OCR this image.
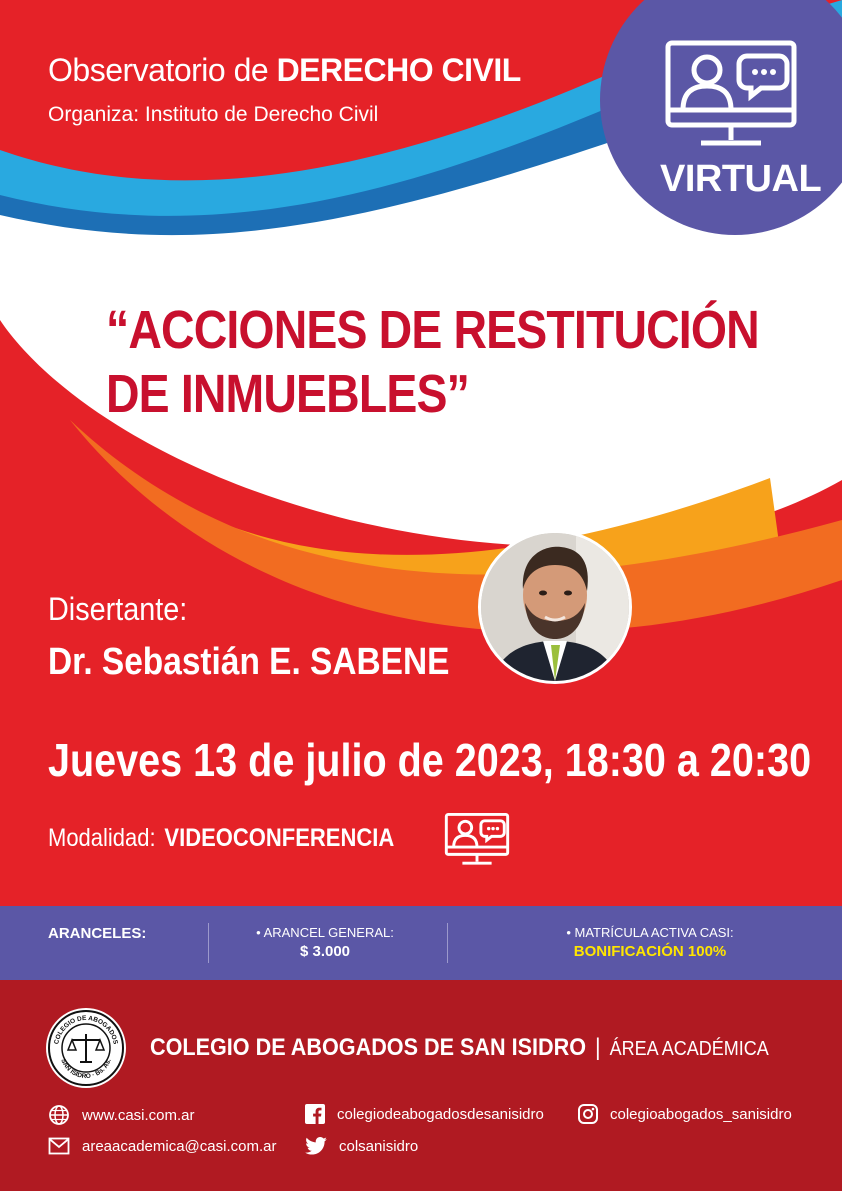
Observatorio de DERECHO CIVIL
Organiza: Instituto de Derecho Civil
VIRTUAL
“ACCIONES DE RESTITUCIÓN
DE INMUEBLES”
Disertante:
Dr. Sebastián E. SABENE
Jueves 13 de julio de 2023, 18:30 a 20:30
Modalidad: VIDEOCONFERENCIA
ARANCELES:	• ARANCEL GENERAL:
$ 3.000
• MATRÍCULA ACTIVA CASI:
BONIFICACIÓN 100%
COLEGIO DE ABOGADOS
SAN ISIDRO · Bs. As. COLEGIO DE ABOGADOS DE SAN ISIDRO | ÁREA ACADÉMICA
www.casi.com.ar
areaacademica@casi.com.ar
colegiodeabogadosdesanisidro
colsanisidro
colegioabogados_sanisidro
